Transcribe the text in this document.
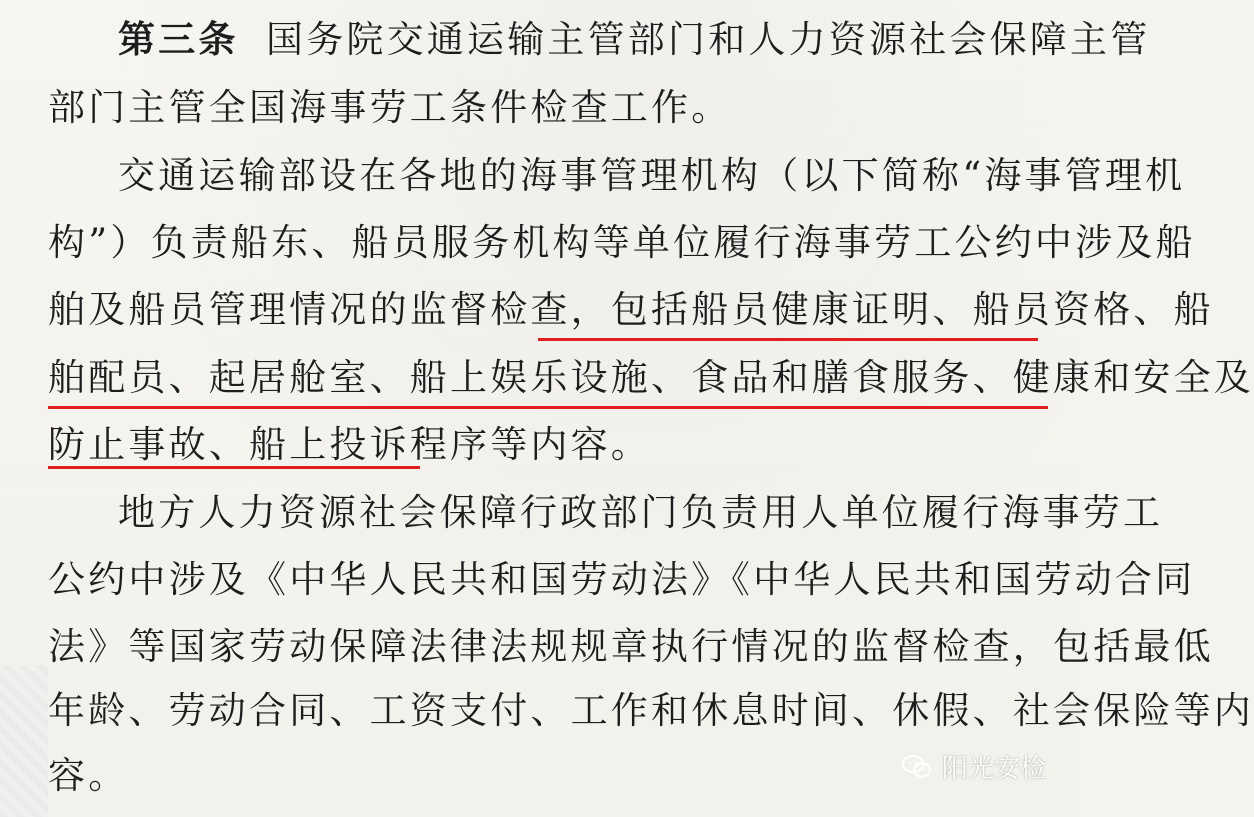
第三条 国务院交通运输主管部门和人力资源社会保障主管
部门主管全国海事劳工条件检查工作。
交通运输部设在各地的海事管理机构（以下简称“海事管理机
构”）负责船东、船员服务机构等单位履行海事劳工公约中涉及船
舶及船员管理情况的监督检查，包括船员健康证明、船员资格、船
舶配员、起居舱室、船上娱乐设施、食品和膳食服务、健康和安全及
防止事故、船上投诉程序等内容。
地方人力资源社会保障行政部门负责用人单位履行海事劳工
公约中涉及《中华人民共和国劳动法》《中华人民共和国劳动合同
法》等国家劳动保障法律法规规章执行情况的监督检查，包括最低
年龄、劳动合同、工资支付、工作和休息时间、休假、社会保险等内
容。	阳光安检
